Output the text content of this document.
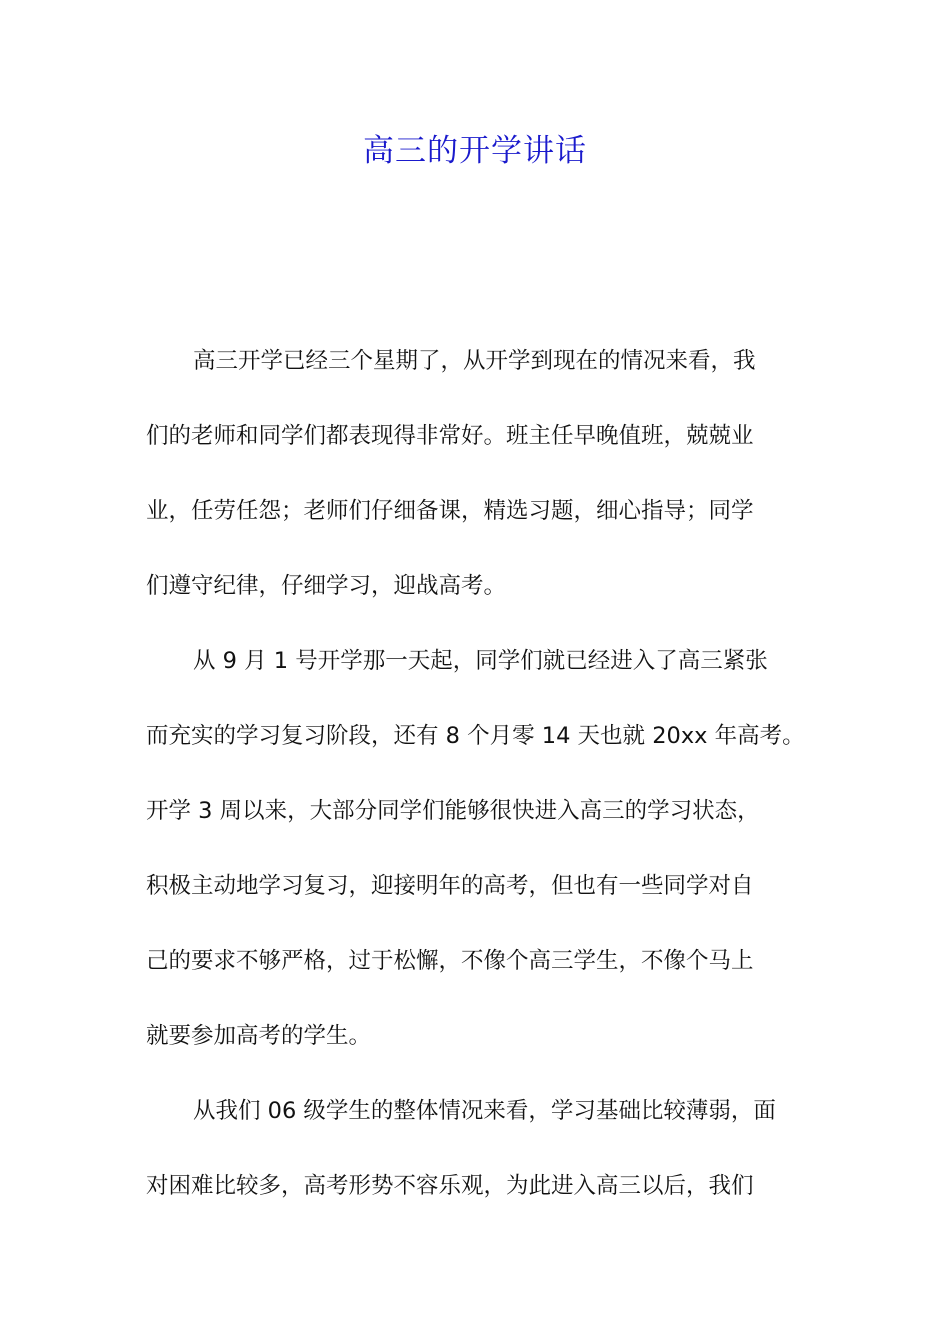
高三的开学讲话
高三开学已经三个星期了，从开学到现在的情况来看，我
们的老师和同学们都表现得非常好。班主任早晚值班，兢兢业
业，任劳任怨；老师们仔细备课，精选习题，细心指导；同学
们遵守纪律，仔细学习，迎战高考。
从 9 月 1 号开学那一天起，同学们就已经进入了高三紧张
而充实的学习复习阶段，还有 8 个月零 14 天也就 20xx 年高考。
开学 3 周以来，大部分同学们能够很快进入高三的学习状态，
积极主动地学习复习，迎接明年的高考，但也有一些同学对自
己的要求不够严格，过于松懈，不像个高三学生，不像个马上
就要参加高考的学生。
从我们 06 级学生的整体情况来看，学习基础比较薄弱，面
对困难比较多，高考形势不容乐观，为此进入高三以后，我们
